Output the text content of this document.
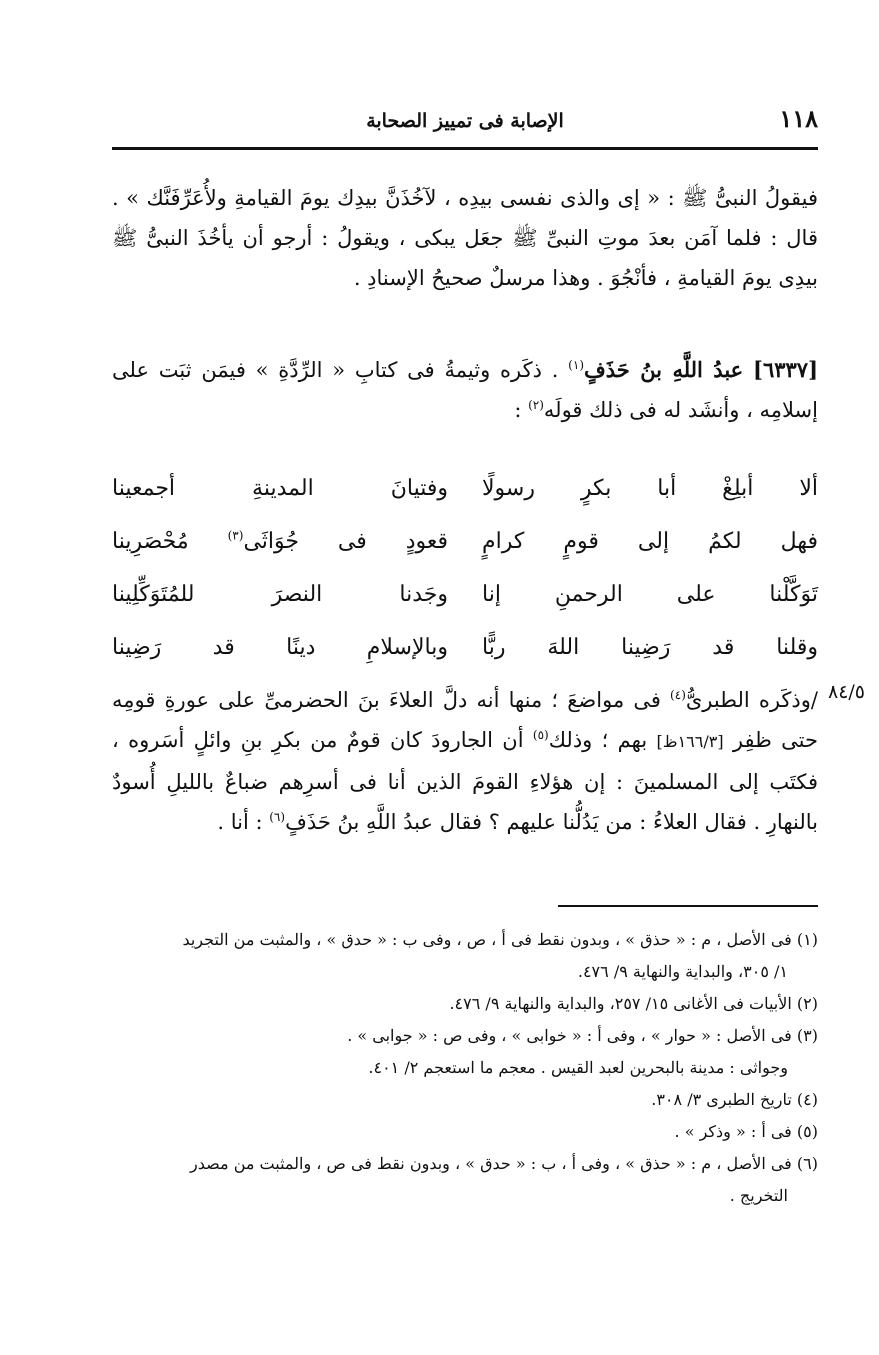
١١٨
الإصابة فى تمييز الصحابة

فيقولُ النبىُّ ﷺ : « إى والذى نفسى بيدِه ، لآخُذَنَّ بيدِك يومَ القيامةِ ولأُعَرِّفَنَّك » . قال : فلما آمَن بعدَ موتِ النبىِّ ﷺ جعَل يبكى ، ويقولُ : أرجو أن يأخُذَ النبىُّ ﷺ بيدِى يومَ القيامةِ ، فأنْجُوَ . وهذا مرسلٌ صحيحُ الإسنادِ .

[٦٣٣٧] عبدُ اللَّهِ بنُ حَذَفٍ$^{(١)}$ . ذكَره وثيمةُ فى كتابِ « الرِّدَّةِ » فيمَن ثبَت على إسلامِه ، وأنشَد له فى ذلك قولَه$^{(٢)}$ :

ألا أبلِغْ أبا بكرٍ رسولًا
وفتيانَ المدينةِ أجمعينا
فهل لكمُ إلى قومٍ كرامٍ
قعودٍ فى جُوَاثَى$^{(٣)}$ مُحْصَرِينا
تَوَكَّلْنا على الرحمنِ إنا
وجَدنا النصرَ للمُتَوَكِّلِينا
وقلنا قد رَضِينا اللهَ ربًّا
وبالإسلامِ دينًا قد رَضِينا
٨٤/٥

/وذكَره الطبرىُّ$^{(٤)}$ فى مواضعَ ؛ منها أنه دلَّ العلاءَ بنَ الحضرمىِّ على عورةِ قومِه حتى ظفِر [١٦٦/٣ظ] بهم ؛ وذلك$^{(٥)}$ أن الجارودَ كان قومٌ من بكرِ بنِ وائلٍ أسَروه ، فكتَب إلى المسلمينَ : إن هؤلاءِ القومَ الذين أنا فى أسرِهم ضباعٌ بالليلِ أُسودٌ بالنهارِ . فقال العلاءُ : من يَدُلُّنا عليهم ؟ فقال عبدُ اللَّهِ بنُ حَذَفٍ$^{(٦)}$ : أنا .

(١) فى الأصل ، م : « حذق » ، وبدون نقط فى أ ، ص ، وفى ب : « حدق » ، والمثبت من التجريد
١/ ٣٠٥، والبداية والنهاية ٩/ ٤٧٦.
(٢) الأبيات فى الأغانى ١٥/ ٢٥٧، والبداية والنهاية ٩/ ٤٧٦.
(٣) فى الأصل : « حوار » ، وفى أ : « خوابى » ، وفى ص : « جوابى » .
وجواثى : مدينة بالبحرين لعبد القيس . معجم ما استعجم ٢/ ٤٠١.
(٤) تاريخ الطبرى ٣/ ٣٠٨.
(٥) فى أ : « وذكر » .
(٦) فى الأصل ، م : « حذق » ، وفى أ ، ب : « حدق » ، وبدون نقط فى ص ، والمثبت من مصدر
التخريج .
